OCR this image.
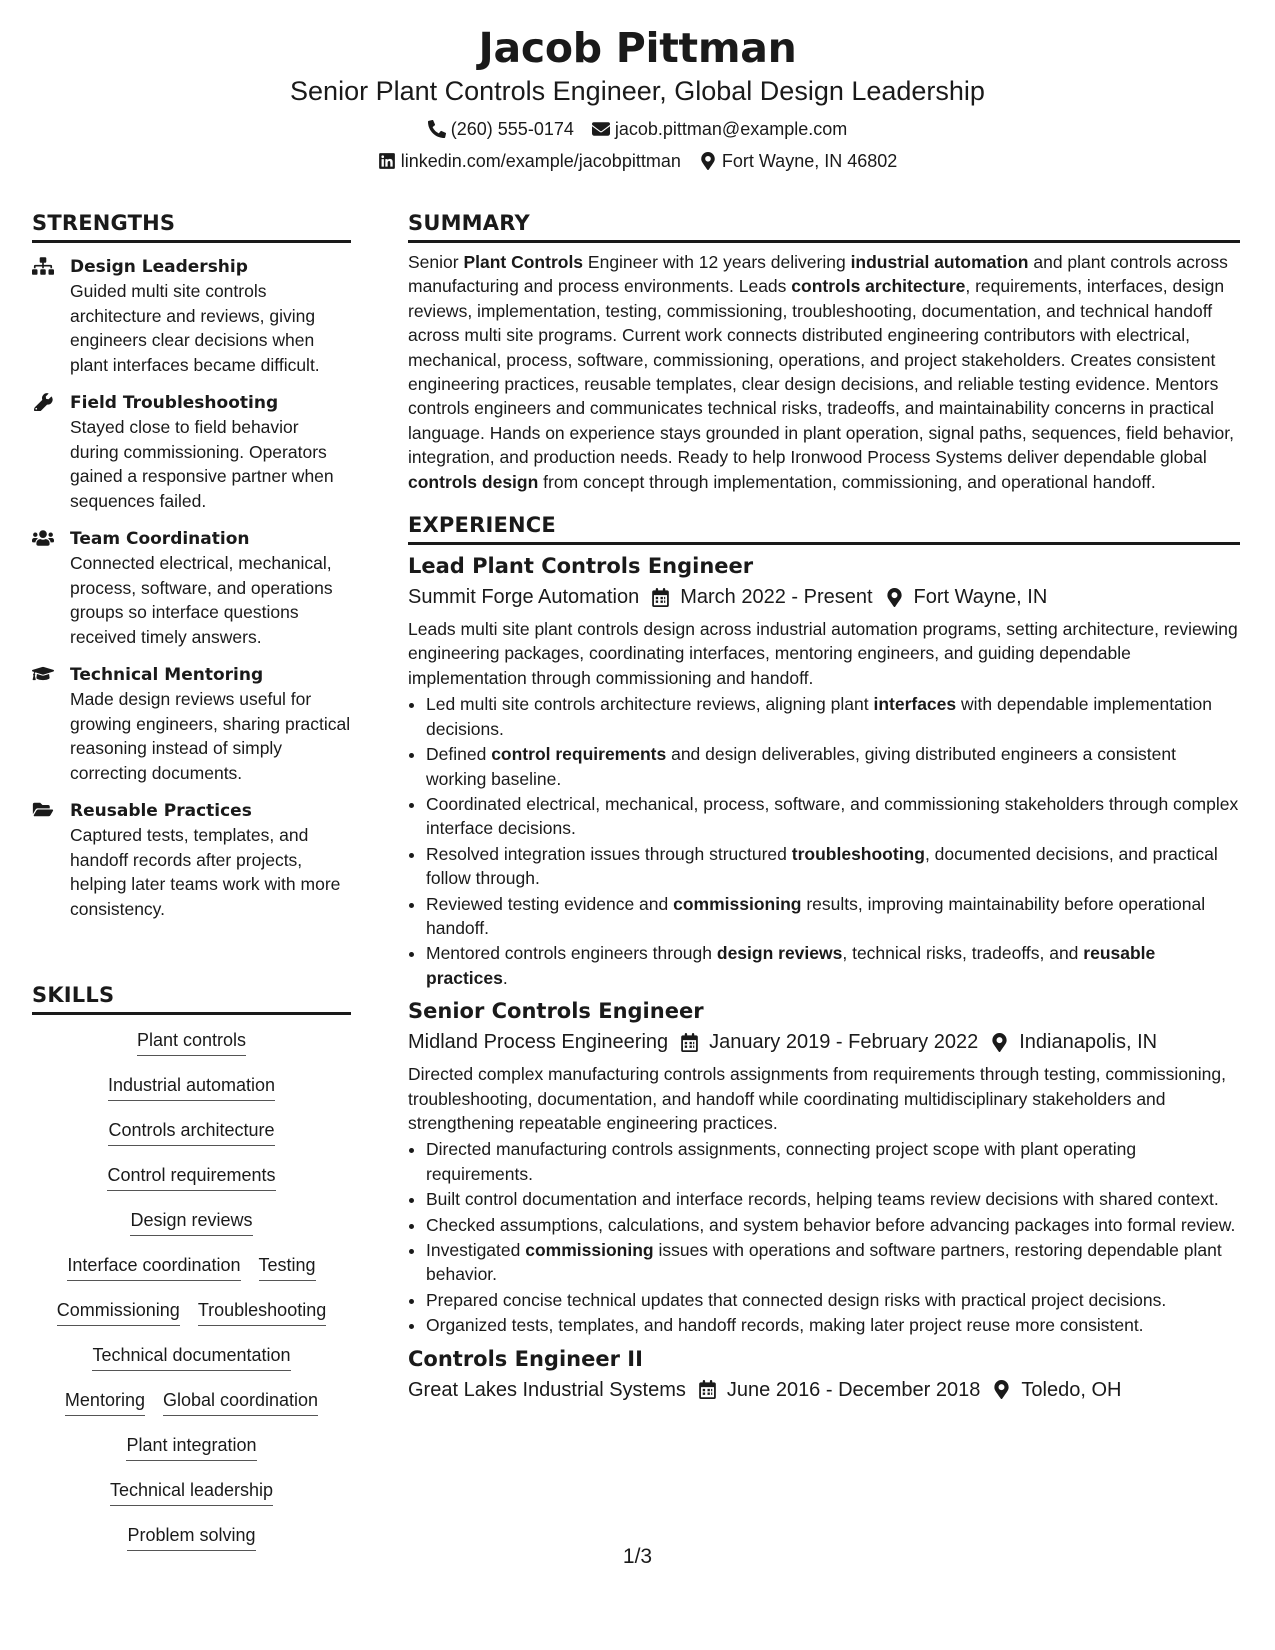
Jacob Pittman
Senior Plant Controls Engineer, Global Design Leadership
(260) 555-0174 jacob.pittman@example.com
linkedin.com/example/jacobpittman Fort Wayne, IN 46802
STRENGTHS
Design Leadership
Guided multi site controls architecture and reviews, giving engineers clear decisions when plant interfaces became difficult.
Field Troubleshooting
Stayed close to field behavior during commissioning. Operators gained a responsive partner when sequences failed.
Team Coordination
Connected electrical, mechanical, process, software, and operations groups so interface questions received timely answers.
Technical Mentoring
Made design reviews useful for growing engineers, sharing practical reasoning instead of simply correcting documents.
Reusable Practices
Captured tests, templates, and handoff records after projects, helping later teams work with more consistency.
SKILLS
Plant controls
Industrial automation
Controls architecture
Control requirements
Design reviews
Interface coordination Testing
Commissioning Troubleshooting
Technical documentation
Mentoring Global coordination
Plant integration
Technical leadership
Problem solving
SUMMARY
Senior Plant Controls Engineer with 12 years delivering industrial automation and plant controls across manufacturing and process environments. Leads controls architecture, requirements, interfaces, design reviews, implementation, testing, commissioning, troubleshooting, documentation, and technical handoff across multi site programs. Current work connects distributed engineering contributors with electrical, mechanical, process, software, commissioning, operations, and project stakeholders. Creates consistent engineering practices, reusable templates, clear design decisions, and reliable testing evidence. Mentors controls engineers and communicates technical risks, tradeoffs, and maintainability concerns in practical language. Hands on experience stays grounded in plant operation, signal paths, sequences, field behavior, integration, and production needs. Ready to help Ironwood Process Systems deliver dependable global controls design from concept through implementation, commissioning, and operational handoff.
EXPERIENCE
Lead Plant Controls Engineer
Summit Forge Automation March 2022 - Present Fort Wayne, IN
Leads multi site plant controls design across industrial automation programs, setting architecture, reviewing engineering packages, coordinating interfaces, mentoring engineers, and guiding dependable implementation through commissioning and handoff.
• Led multi site controls architecture reviews, aligning plant interfaces with dependable implementation decisions.
• Defined control requirements and design deliverables, giving distributed engineers a consistent working baseline.
• Coordinated electrical, mechanical, process, software, and commissioning stakeholders through complex interface decisions.
• Resolved integration issues through structured troubleshooting, documented decisions, and practical follow through.
• Reviewed testing evidence and commissioning results, improving maintainability before operational handoff.
• Mentored controls engineers through design reviews, technical risks, tradeoffs, and reusable practices.
Senior Controls Engineer
Midland Process Engineering January 2019 - February 2022 Indianapolis, IN
Directed complex manufacturing controls assignments from requirements through testing, commissioning, troubleshooting, documentation, and handoff while coordinating multidisciplinary stakeholders and strengthening repeatable engineering practices.
• Directed manufacturing controls assignments, connecting project scope with plant operating requirements.
• Built control documentation and interface records, helping teams review decisions with shared context.
• Checked assumptions, calculations, and system behavior before advancing packages into formal review.
• Investigated commissioning issues with operations and software partners, restoring dependable plant behavior.
• Prepared concise technical updates that connected design risks with practical project decisions.
• Organized tests, templates, and handoff records, making later project reuse more consistent.
Controls Engineer II
Great Lakes Industrial Systems June 2016 - December 2018 Toledo, OH
1/3
